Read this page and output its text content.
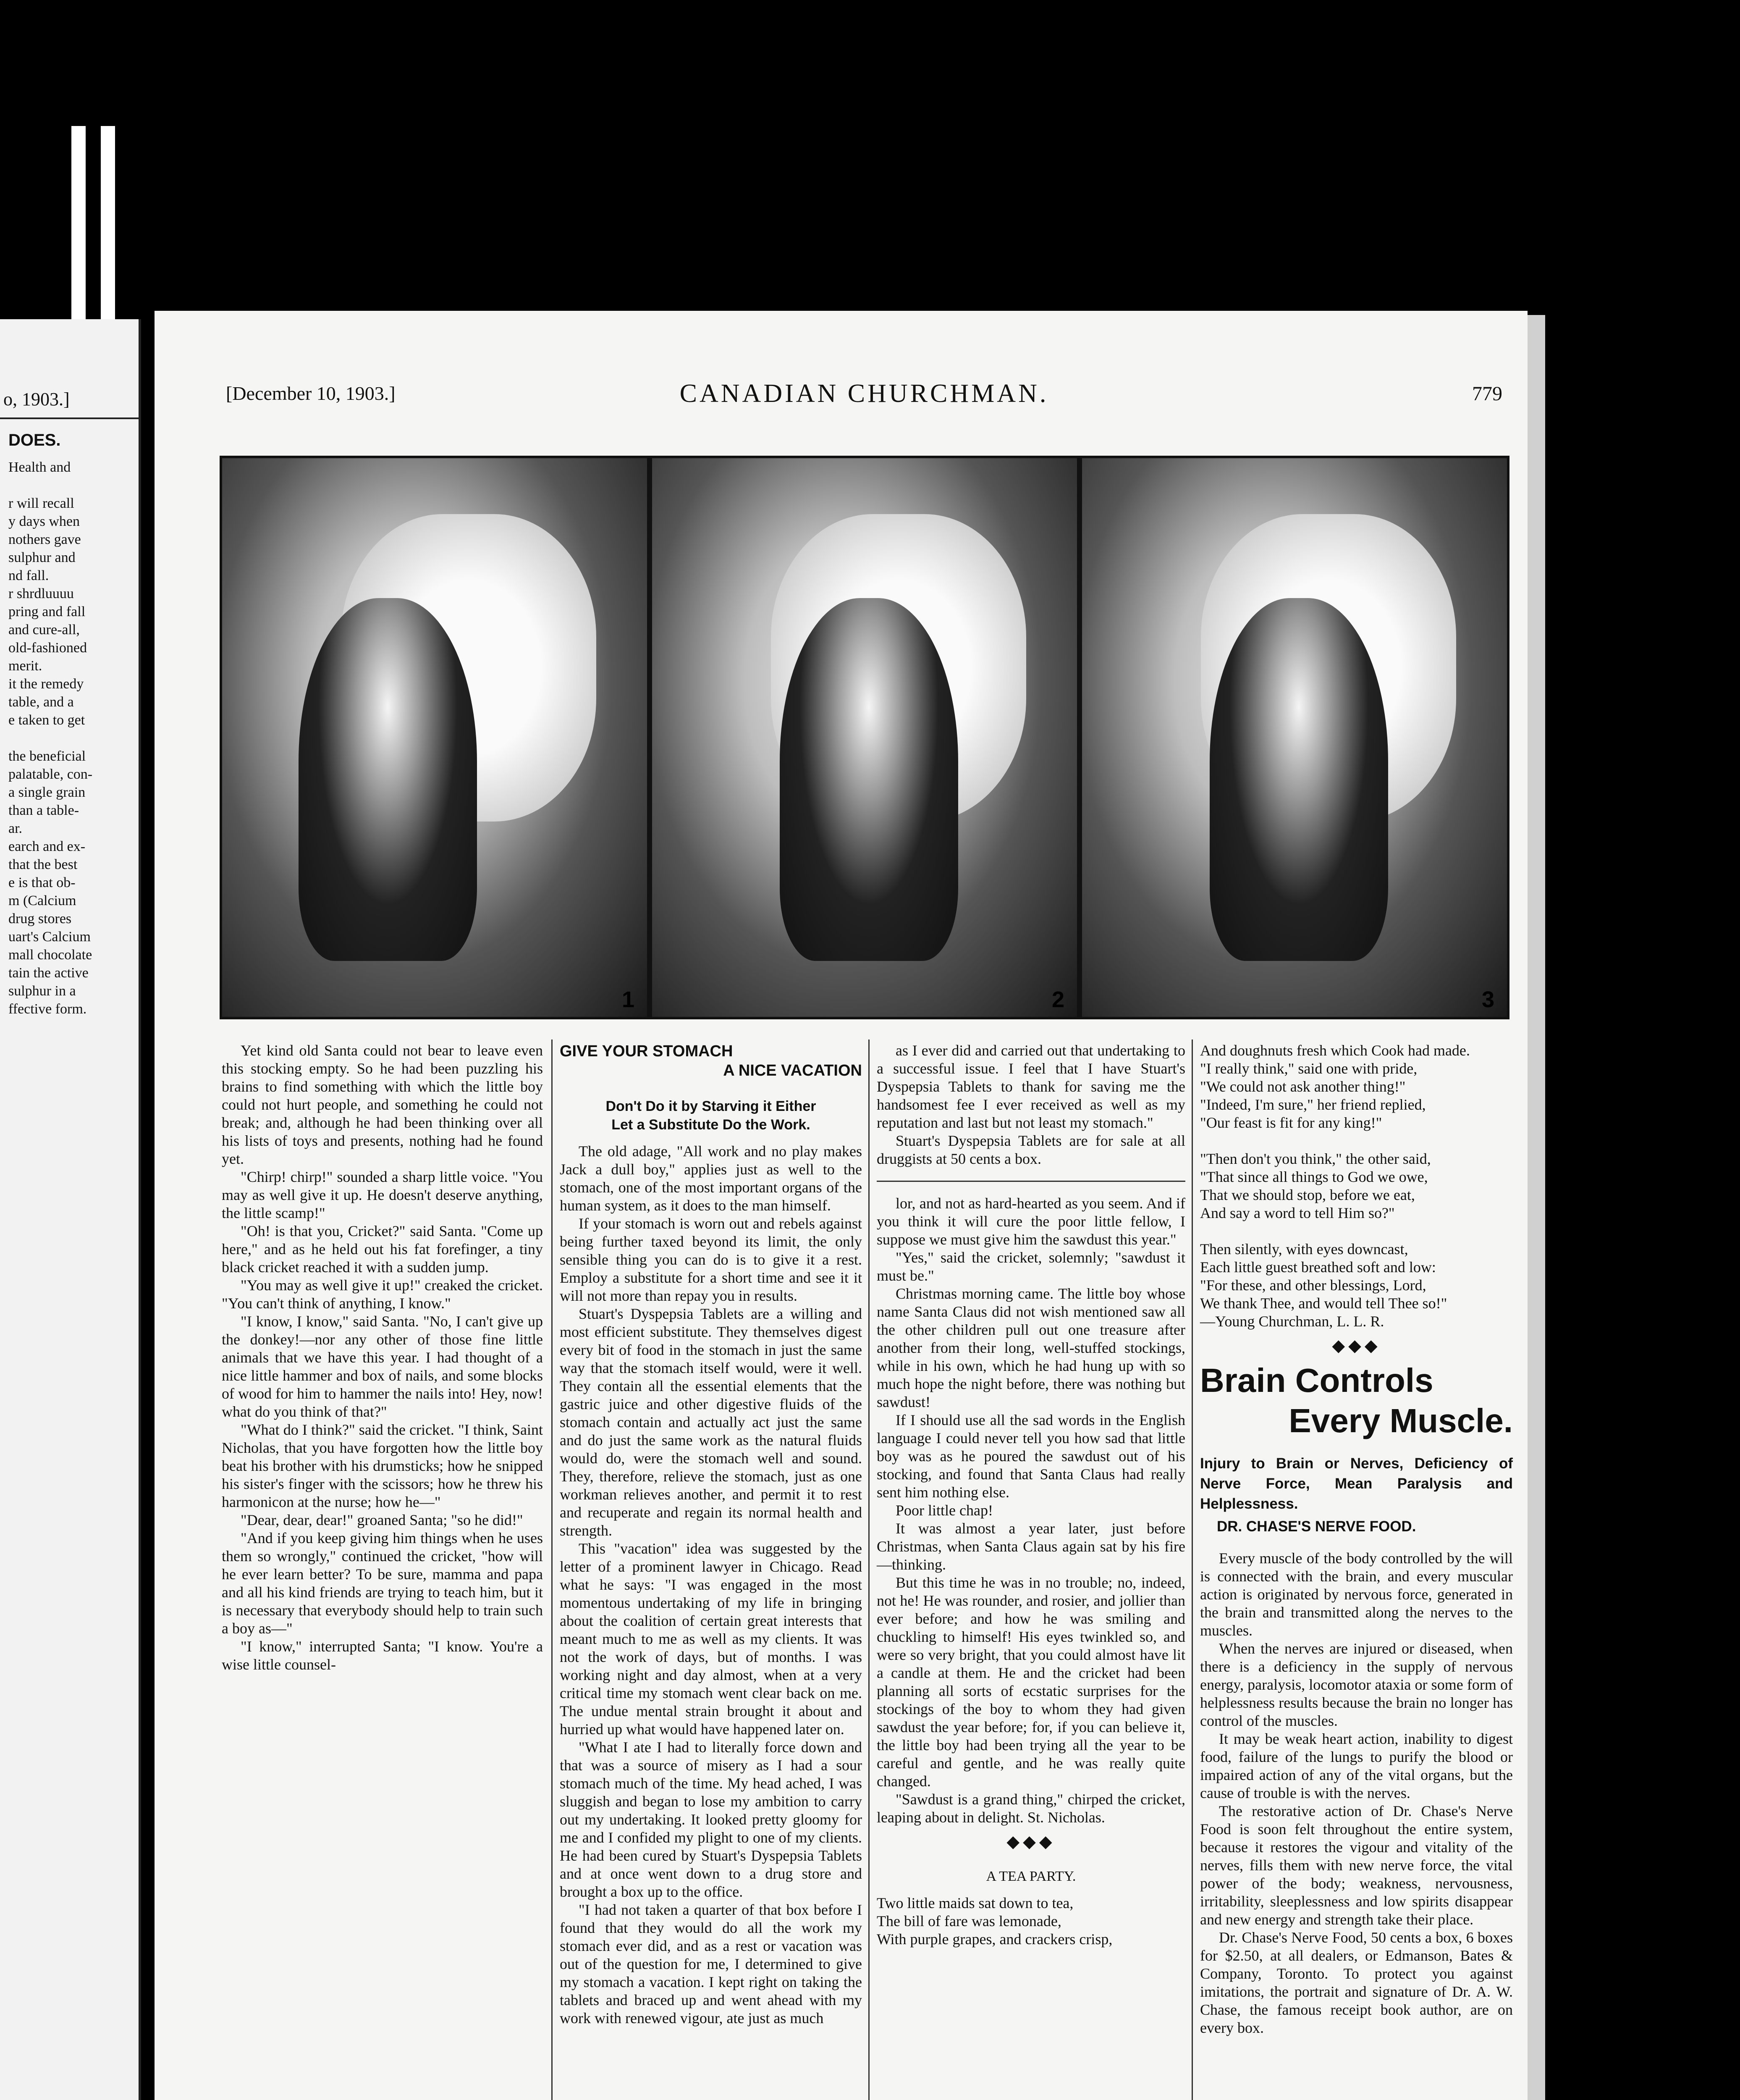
o, 1903.]
DOES.
Health and

r will recall
y days when
nothers gave
sulphur and
nd fall.
r shrdluuuu
pring and fall
and cure-all,
old-fashioned
merit.
it the remedy
table, and a
e taken to get

the beneficial
palatable, con-
a single grain
than a table-
ar.
earch and ex-
that the best
e is that ob-
m (Calcium
drug stores
uart's Calcium
mall chocolate
tain the active
sulphur in a
ffective form.
[December 10, 1903.]	CANADIAN CHURCHMAN.	779
1	2	3

Yet kind old Santa could not bear to leave even this stocking empty. So he had been puzzling his brains to find something with which the little boy could not hurt people, and something he could not break; and, although he had been thinking over all his lists of toys and presents, nothing had he found yet.

"Chirp! chirp!" sounded a sharp little voice. "You may as well give it up. He doesn't deserve anything, the little scamp!"

"Oh! is that you, Cricket?" said Santa. "Come up here," and as he held out his fat forefinger, a tiny black cricket reached it with a sudden jump.

"You may as well give it up!" creaked the cricket. "You can't think of anything, I know."

"I know, I know," said Santa. "No, I can't give up the donkey!—nor any other of those fine little animals that we have this year. I had thought of a nice little hammer and box of nails, and some blocks of wood for him to hammer the nails into! Hey, now! what do you think of that?"

"What do I think?" said the cricket. "I think, Saint Nicholas, that you have forgotten how the little boy beat his brother with his drumsticks; how he snipped his sister's finger with the scissors; how he threw his harmonicon at the nurse; how he—"

"Dear, dear, dear!" groaned Santa; "so he did!"

"And if you keep giving him things when he uses them so wrongly," continued the cricket, "how will he ever learn better? To be sure, mamma and papa and all his kind friends are trying to teach him, but it is necessary that everybody should help to train such a boy as—"

"I know," interrupted Santa; "I know. You're a wise little counsel-

GIVE YOUR STOMACH
A NICE VACATION
Don't Do it by Starving it Either
Let a Substitute Do the Work.

The old adage, "All work and no play makes Jack a dull boy," applies just as well to the stomach, one of the most important organs of the human system, as it does to the man himself.

If your stomach is worn out and rebels against being further taxed beyond its limit, the only sensible thing you can do is to give it a rest. Employ a substitute for a short time and see it it will not more than repay you in results.

Stuart's Dyspepsia Tablets are a willing and most efficient substitute. They themselves digest every bit of food in the stomach in just the same way that the stomach itself would, were it well. They contain all the essential elements that the gastric juice and other digestive fluids of the stomach contain and actually act just the same and do just the same work as the natural fluids would do, were the stomach well and sound. They, therefore, relieve the stomach, just as one workman relieves another, and permit it to rest and recuperate and regain its normal health and strength.

This "vacation" idea was suggested by the letter of a prominent lawyer in Chicago. Read what he says: "I was engaged in the most momentous undertaking of my life in bringing about the coalition of certain great interests that meant much to me as well as my clients. It was not the work of days, but of months. I was working night and day almost, when at a very critical time my stomach went clear back on me. The undue mental strain brought it about and hurried up what would have happened later on.

"What I ate I had to literally force down and that was a source of misery as I had a sour stomach much of the time. My head ached, I was sluggish and began to lose my ambition to carry out my undertaking. It looked pretty gloomy for me and I confided my plight to one of my clients. He had been cured by Stuart's Dyspepsia Tablets and at once went down to a drug store and brought a box up to the office.

"I had not taken a quarter of that box before I found that they would do all the work my stomach ever did, and as a rest or vacation was out of the question for me, I determined to give my stomach a vacation. I kept right on taking the tablets and braced up and went ahead with my work with renewed vigour, ate just as much

as I ever did and carried out that undertaking to a successful issue. I feel that I have Stuart's Dyspepsia Tablets to thank for saving me the handsomest fee I ever received as well as my reputation and last but not least my stomach."

Stuart's Dyspepsia Tablets are for sale at all druggists at 50 cents a box.

lor, and not as hard-hearted as you seem. And if you think it will cure the poor little fellow, I suppose we must give him the sawdust this year."

"Yes," said the cricket, solemnly; "sawdust it must be."

Christmas morning came. The little boy whose name Santa Claus did not wish mentioned saw all the other children pull out one treasure after another from their long, well-stuffed stockings, while in his own, which he had hung up with so much hope the night before, there was nothing but sawdust!

If I should use all the sad words in the English language I could never tell you how sad that little boy was as he poured the sawdust out of his stocking, and found that Santa Claus had really sent him nothing else.

Poor little chap!

It was almost a year later, just before Christmas, when Santa Claus again sat by his fire—thinking.

But this time he was in no trouble; no, indeed, not he! He was rounder, and rosier, and jollier than ever before; and how he was smiling and chuckling to himself! His eyes twinkled so, and were so very bright, that you could almost have lit a candle at them. He and the cricket had been planning all sorts of ecstatic surprises for the stockings of the boy to whom they had given sawdust the year before; for, if you can believe it, the little boy had been trying all the year to be careful and gentle, and he was really quite changed.

"Sawdust is a grand thing," chirped the cricket, leaping about in delight. St. Nicholas.

◆◆◆
A TEA PARTY.
Two little maids sat down to tea,
The bill of fare was lemonade,
With purple grapes, and crackers crisp,
And doughnuts fresh which Cook had made.
"I really think," said one with pride,
"We could not ask another thing!"
"Indeed, I'm sure," her friend replied,
"Our feast is fit for any king!"

"Then don't you think," the other said,
"That since all things to God we owe,
That we should stop, before we eat,
And say a word to tell Him so?"

Then silently, with eyes downcast,
Each little guest breathed soft and low:
"For these, and other blessings, Lord,
We thank Thee, and would tell Thee so!"
—Young Churchman, L. L. R.
◆◆◆
Brain Controls
Every Muscle.
Injury to Brain or Nerves, Deficiency of Nerve Force, Mean Paralysis and Helplessness.
DR. CHASE'S NERVE FOOD.

Every muscle of the body controlled by the will is connected with the brain, and every muscular action is originated by nervous force, generated in the brain and transmitted along the nerves to the muscles.

When the nerves are injured or diseased, when there is a deficiency in the supply of nervous energy, paralysis, locomotor ataxia or some form of helplessness results because the brain no longer has control of the muscles.

It may be weak heart action, inability to digest food, failure of the lungs to purify the blood or impaired action of any of the vital organs, but the cause of trouble is with the nerves.

The restorative action of Dr. Chase's Nerve Food is soon felt throughout the entire system, because it restores the vigour and vitality of the nerves, fills them with new nerve force, the vital power of the body; weakness, nervousness, irritability, sleeplessness and low spirits disappear and new energy and strength take their place.

Dr. Chase's Nerve Food, 50 cents a box, 6 boxes for $2.50, at all dealers, or Edmanson, Bates & Company, Toronto. To protect you against imitations, the portrait and signature of Dr. A. W. Chase, the famous receipt book author, are on every box.
